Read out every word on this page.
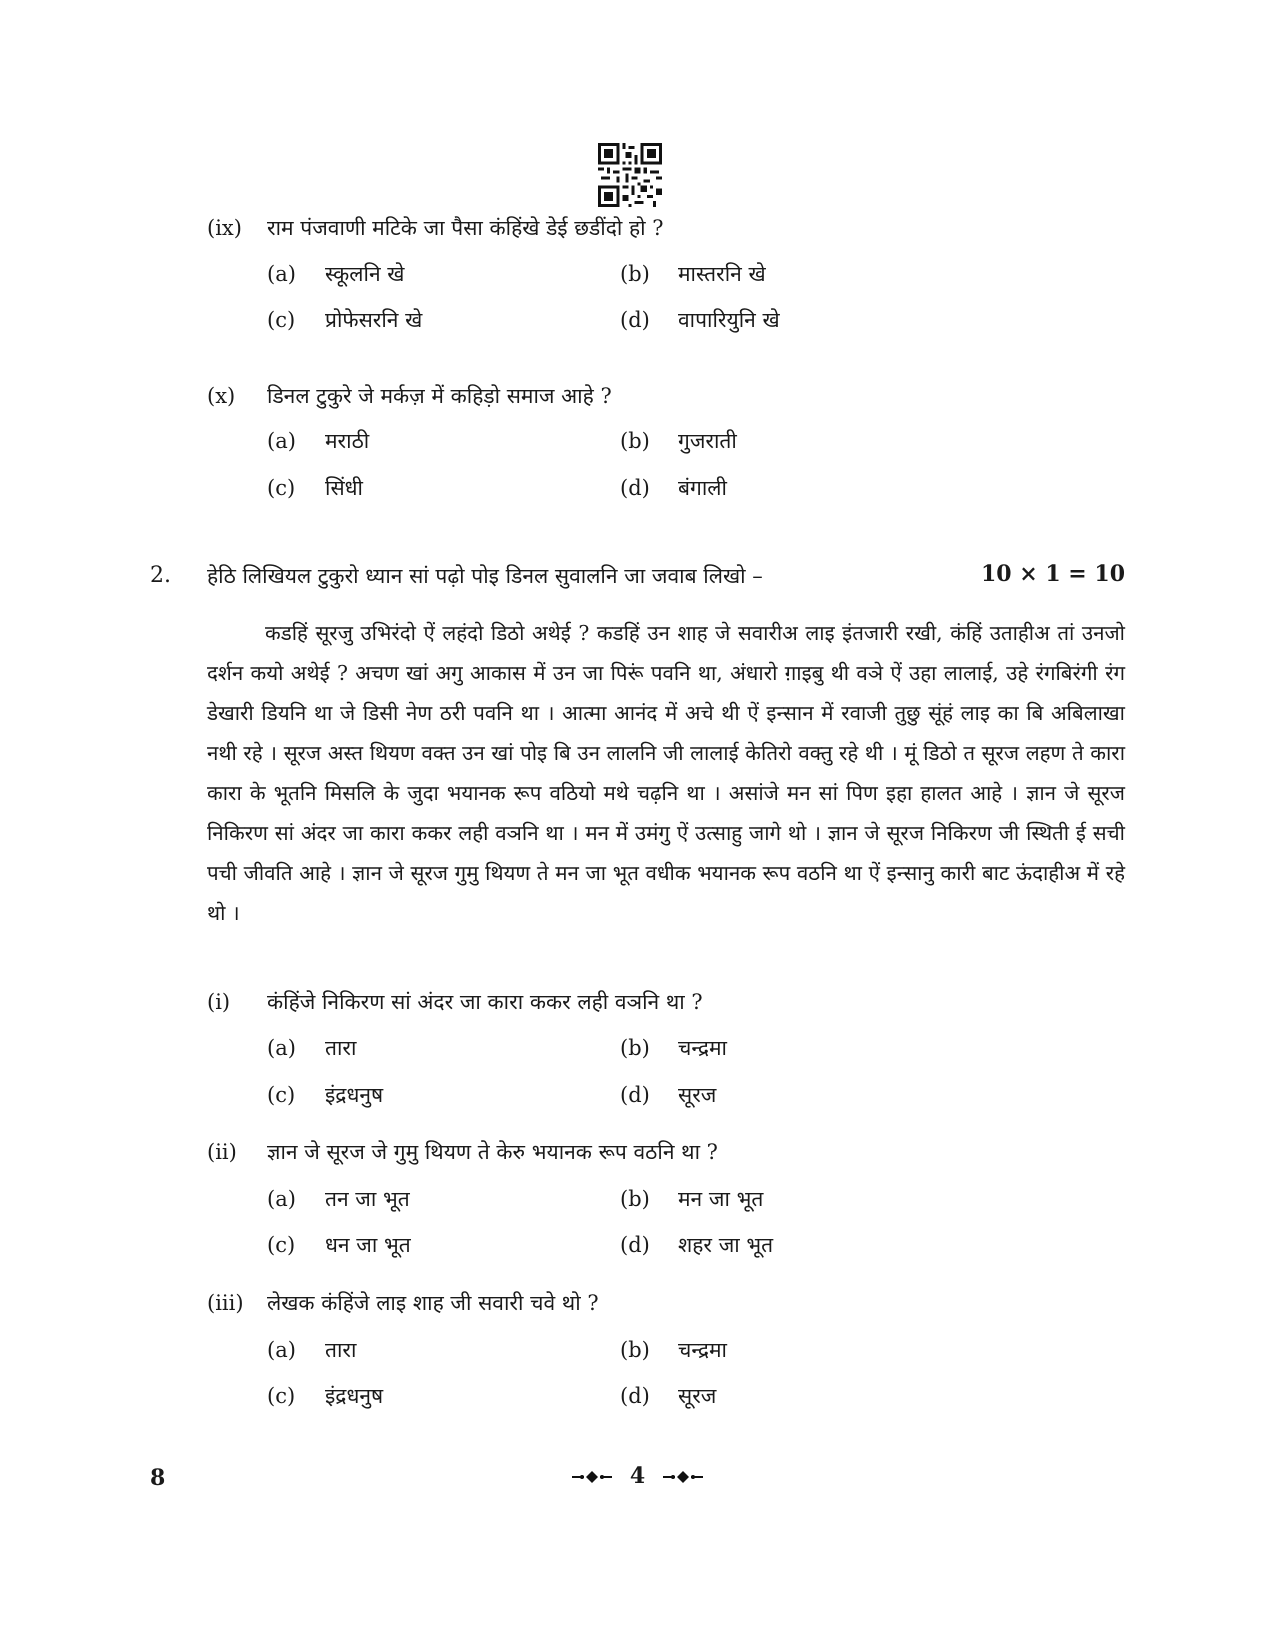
(ix) राम पंजवाणी मटिके जा पैसा कंहिंखे डेई छडींदो हो ?
(a) स्कूलनि खे	(b) मास्तरनि खे
(c) प्रोफेसरनि खे	(d) वापारियुनि खे
(x) डिनल टुकुरे जे मर्कज़ में कहिड़ो समाज आहे ?
(a) मराठी	(b) गुजराती
(c) सिंधी	(d) बंगाली
2. हेठि लिखियल टुकुरो ध्यान सां पढ़ो पोइ डिनल सुवालनि जा जवाब लिखो –	10 × 1 = 10
कडहिं सूरजु उभिरंदो ऐं लहंदो डिठो अथेई ? कडहिं उन शाह जे सवारीअ लाइ इंतजारी रखी, कंहिं उताहीअ तां उनजो दर्शन कयो अथेई ? अचण खां अगु आकास में उन जा पिरूं पवनि था, अंधारो ग़ाइबु थी वञे ऐं उहा लालाई, उहे रंगबिरंगी रंग डेखारी डियनि था जे डिसी नेण ठरी पवनि था । आत्मा आनंद में अचे थी ऐं इन्सान में रवाजी तुछु सूंहं लाइ का बि अबिलाखा नथी रहे । सूरज अस्त थियण वक्त उन खां पोइ बि उन लालनि जी लालाई केतिरो वक्तु रहे थी । मूं डिठो त सूरज लहण ते कारा कारा के भूतनि मिसलि के जुदा भयानक रूप वठियो मथे चढ़नि था । असांजे मन सां पिण इहा हालत आहे । ज्ञान जे सूरज निकिरण सां अंदर जा कारा ककर लही वञनि था । मन में उमंगु ऐं उत्साहु जागे थो । ज्ञान जे सूरज निकिरण जी स्थिती ई सची पची जीवति आहे । ज्ञान जे सूरज गुमु थियण ते मन जा भूत वधीक भयानक रूप वठनि था ऐं इन्सानु कारी बाट ऊंदाहीअ में रहे थो ।
(i) कंहिंजे निकिरण सां अंदर जा कारा ककर लही वञनि था ?
(a) तारा	(b) चन्द्रमा
(c) इंद्रधनुष	(d) सूरज
(ii) ज्ञान जे सूरज जे गुमु थियण ते केरु भयानक रूप वठनि था ?
(a) तन जा भूत	(b) मन जा भूत
(c) धन जा भूत	(d) शहर जा भूत
(iii) लेखक कंहिंजे लाइ शाह जी सवारी चवे थो ?
(a) तारा	(b) चन्द्रमा
(c) इंद्रधनुष	(d) सूरज
8	4
